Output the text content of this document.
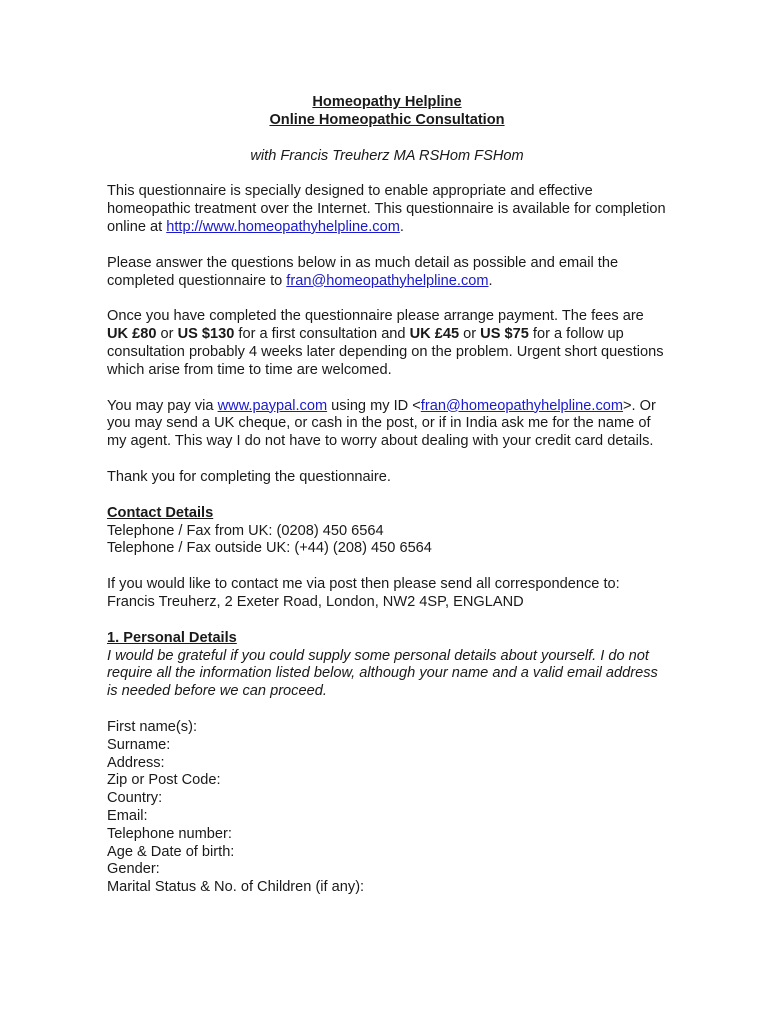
Homeopathy Helpline
Online Homeopathic Consultation
with Francis Treuherz MA RSHom FSHom

This questionnaire is specially designed to enable appropriate and effective homeopathic treatment over the Internet. This questionnaire is available for completion online at http://www.homeopathyhelpline.com.

Please answer the questions below in as much detail as possible and email the completed questionnaire to fran@homeopathyhelpline.com.

Once you have completed the questionnaire please arrange payment. The fees are UK £80 or US $130 for a first consultation and UK £45 or US $75 for a follow up consultation probably 4 weeks later depending on the problem. Urgent short questions which arise from time to time are welcomed.

You may pay via www.paypal.com using my ID <fran@homeopathyhelpline.com>. Or you may send a UK cheque, or cash in the post, or if in India ask me for the name of my agent. This way I do not have to worry about dealing with your credit card details.

Thank you for completing the questionnaire.

Contact Details

Telephone / Fax from UK: (0208) 450 6564

Telephone / Fax outside UK: (+44) (208) 450 6564

If you would like to contact me via post then please send all correspondence to:

Francis Treuherz, 2 Exeter Road, London, NW2 4SP, ENGLAND

1. Personal Details

I would be grateful if you could supply some personal details about yourself. I do not require all the information listed below, although your name and a valid email address is needed before we can proceed.

First name(s):
Surname:
Address:
Zip or Post Code:
Country:
Email:
Telephone number:
Age & Date of birth:
Gender:
Marital Status & No. of Children (if any):
